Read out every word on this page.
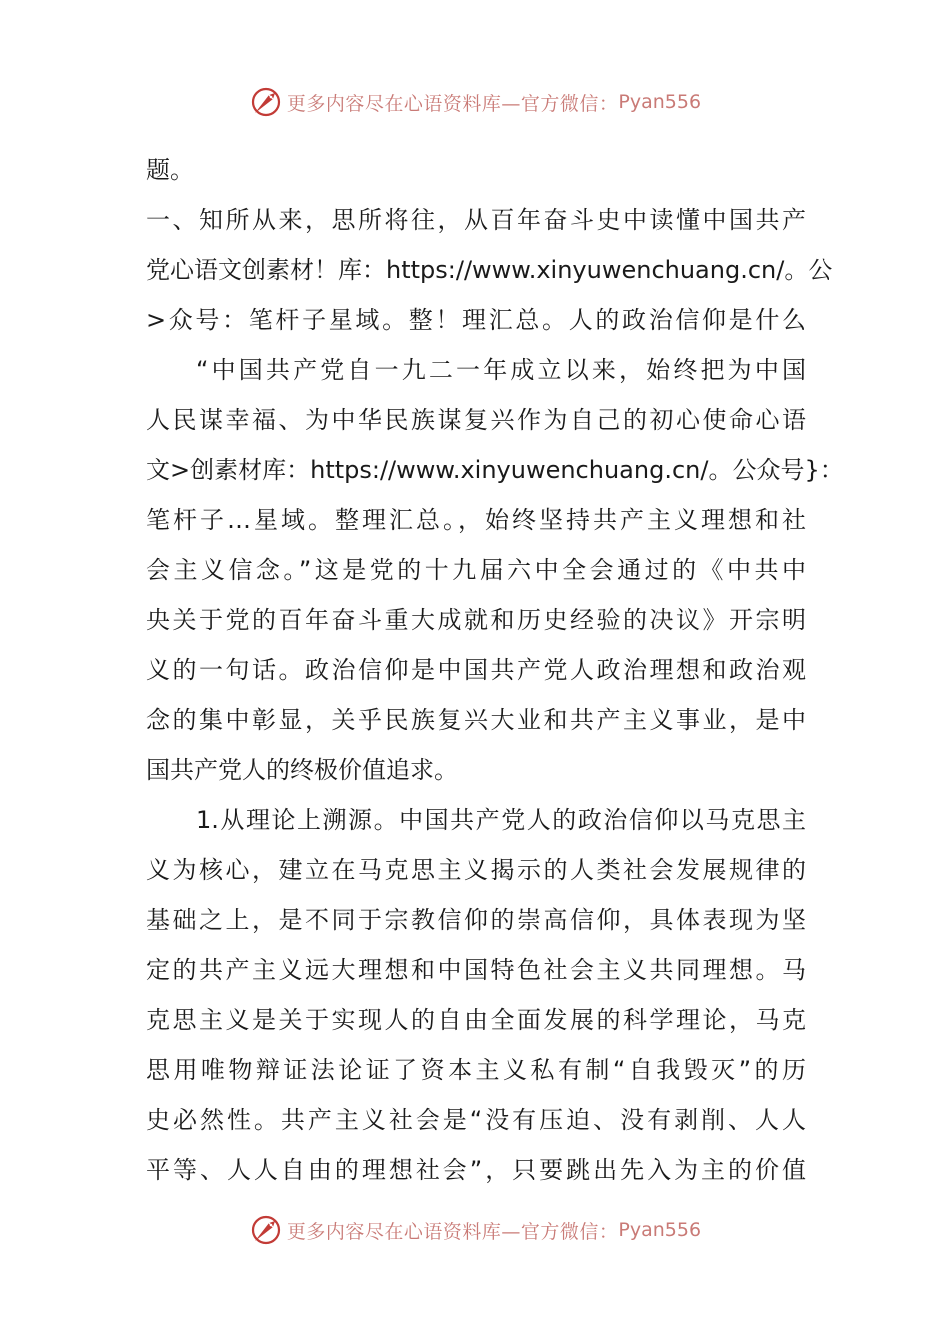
更多内容尽在心语资料库—官方微信： Pyan556
题。
一、知所从来，思所将往，从百年奋斗史中读懂中国共产
党心语文创素材！库：https://www.xinyuwenchuang.cn/。公
>众号：笔杆子星域。整！理汇总。人的政治信仰是什么
“中国共产党自一九二一年成立以来，始终把为中国
人民谋幸福、为中华民族谋复兴作为自己的初心使命心语
文>创素材库：https://www.xinyuwenchuang.cn/。公众号}：
笔杆子…星域。整理汇总。，始终坚持共产主义理想和社
会主义信念。”这是党的十九届六中全会通过的《中共中
央关于党的百年奋斗重大成就和历史经验的决议》开宗明
义的一句话。政治信仰是中国共产党人政治理想和政治观
念的集中彰显，关乎民族复兴大业和共产主义事业，是中
国共产党人的终极价值追求。
1.从理论上溯源。中国共产党人的政治信仰以马克思主
义为核心，建立在马克思主义揭示的人类社会发展规律的
基础之上，是不同于宗教信仰的崇高信仰，具体表现为坚
定的共产主义远大理想和中国特色社会主义共同理想。马
克思主义是关于实现人的自由全面发展的科学理论，马克
思用唯物辩证法论证了资本主义私有制“自我毁灭”的历
史必然性。共产主义社会是“没有压迫、没有剥削、人人
平等、人人自由的理想社会”，只要跳出先入为主的价值
更多内容尽在心语资料库—官方微信： Pyan556
